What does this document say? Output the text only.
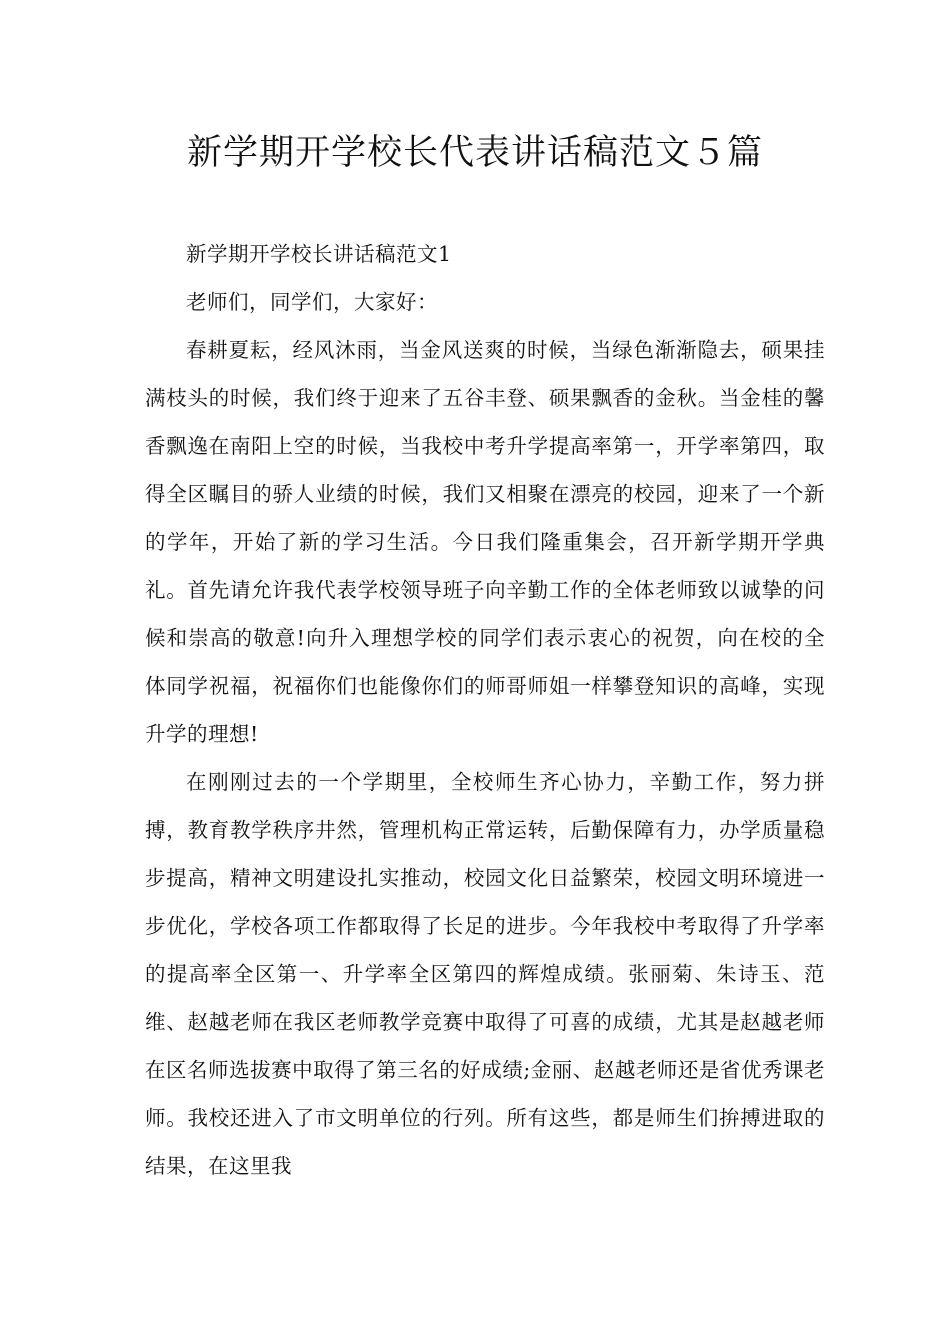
新学期开学校长代表讲话稿范文５篇

新学期开学校长讲话稿范文1

老师们，同学们，大家好：

春耕夏耘，经风沐雨，当金风送爽的时候，当绿色渐渐隐去，硕果挂满枝头的时候，我们终于迎来了五谷丰登、硕果飘香的金秋。当金桂的馨香飘逸在南阳上空的时候，当我校中考升学提高率第一，开学率第四，取得全区瞩目的骄人业绩的时候，我们又相聚在漂亮的校园，迎来了一个新的学年，开始了新的学习生活。今日我们隆重集会，召开新学期开学典礼。首先请允许我代表学校领导班子向辛勤工作的全体老师致以诚挚的问候和崇高的敬意!向升入理想学校的同学们表示衷心的祝贺，向在校的全体同学祝福，祝福你们也能像你们的师哥师姐一样攀登知识的高峰，实现升学的理想!

在刚刚过去的一个学期里，全校师生齐心协力，辛勤工作，努力拼搏，教育教学秩序井然，管理机构正常运转，后勤保障有力，办学质量稳步提高，精神文明建设扎实推动，校园文化日益繁荣，校园文明环境进一步优化，学校各项工作都取得了长足的进步。今年我校中考取得了升学率的提高率全区第一、升学率全区第四的辉煌成绩。张丽菊、朱诗玉、范维、赵越老师在我区老师教学竞赛中取得了可喜的成绩，尤其是赵越老师在区名师选拔赛中取得了第三名的好成绩;金丽、赵越老师还是省优秀课老师。我校还进入了市文明单位的行列。所有这些，都是师生们拚搏进取的结果，在这里我
